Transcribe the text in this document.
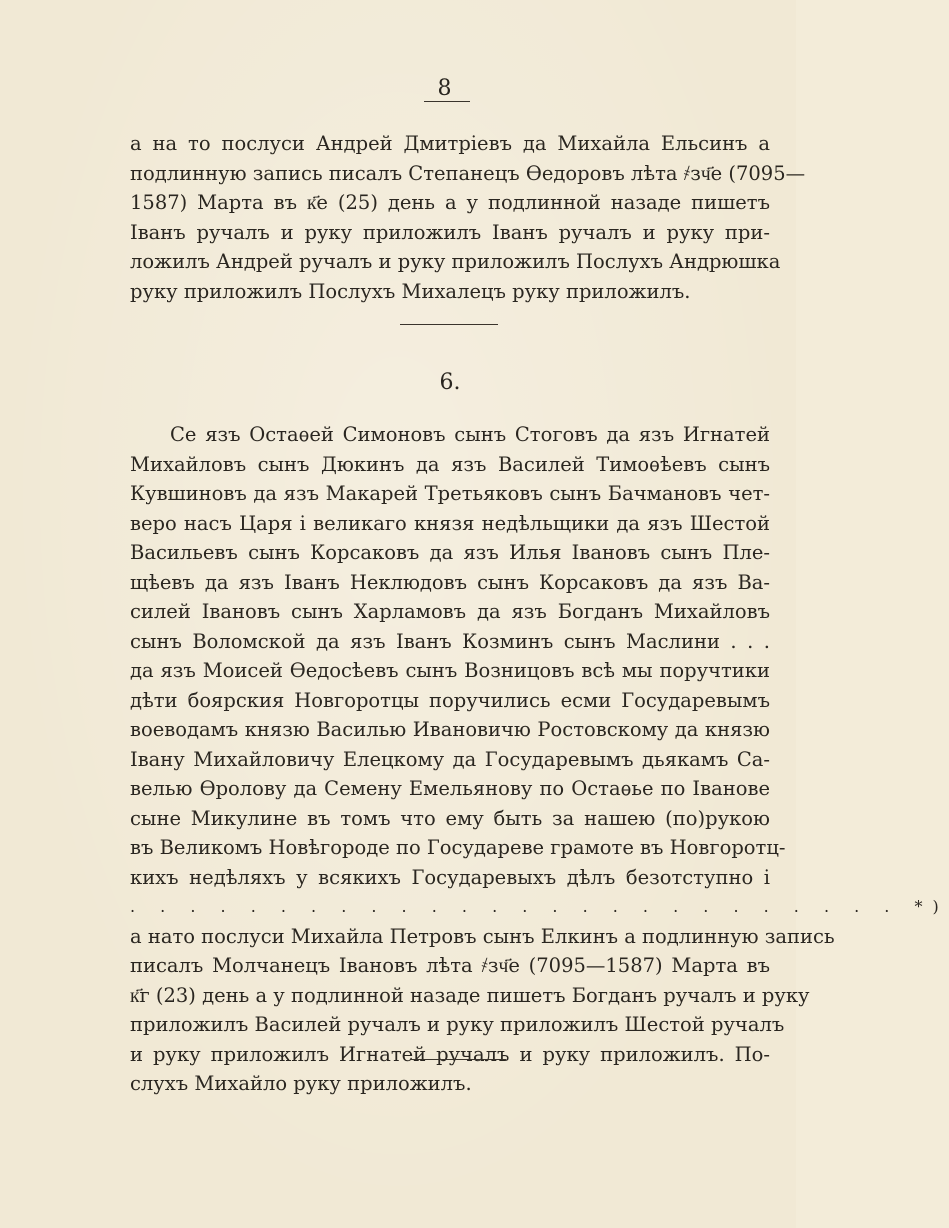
8
а на то послуси Андрей Дмитріевъ да Михайла Ельсинъ а
подлинную запись писалъ Степанецъ Ѳедоровъ лѣта ҂зч҃е (7095—
1587) Марта въ к҃е (25) день а у подлинной назаде пишетъ
Іванъ ручалъ и руку приложилъ Іванъ ручалъ и руку при-
ложилъ Андрей ручалъ и руку приложилъ Послухъ Андрюшка
руку приложилъ Послухъ Михалецъ руку приложилъ.
6.
Се язъ Остаѳей Симоновъ сынъ Стоговъ да язъ Игнатей
Михайловъ сынъ Дюкинъ да язъ Василей Тимоѳѣевъ сынъ
Кувшиновъ да язъ Макарей Третьяковъ сынъ Бачмановъ чет-
веро насъ Царя і великаго князя недѣльщики да язъ Шестой
Васильевъ сынъ Корсаковъ да язъ Илья Івановъ сынъ Пле-
щѣевъ да язъ Іванъ Неклюдовъ сынъ Корсаковъ да язъ Ва-
силей Івановъ сынъ Харламовъ да язъ Богданъ Михайловъ
сынъ Воломской да язъ Іванъ Козминъ сынъ Маслини . . .
да язъ Моисей Ѳедосѣевъ сынъ Возницовъ всѣ мы поручтики
дѣти боярския Новгоротцы поручились есми Государевымъ
воеводамъ князю Василью Ивановичю Ростовскому да князю
Івану Михайловичу Елецкому да Государевымъ дьякамъ Са-
велью Ѳролову да Семену Емельянову по Остаѳье по Іванове
сыне Микулине въ томъ что ему быть за нашею (по)рукою
въ Великомъ Новѣгороде по Государеве грамоте въ Новгоротц-
кихъ недѣляхъ у всякихъ Государевыхъ дѣлъ безотступно і
. . . . . . . . . . . . . . . . . . . . . . . . . . *)
а нато послуси Михайла Петровъ сынъ Елкинъ а подлинную запись
писалъ Молчанецъ Івановъ лѣта ҂зч҃е (7095—1587) Марта въ
к҃г (23) день а у подлинной назаде пишетъ Богданъ ручалъ и руку
приложилъ Василей ручалъ и руку приложилъ Шестой ручалъ
и руку приложилъ Игнатей ручалъ и руку приложилъ. По-
слухъ Михайло руку приложилъ.
